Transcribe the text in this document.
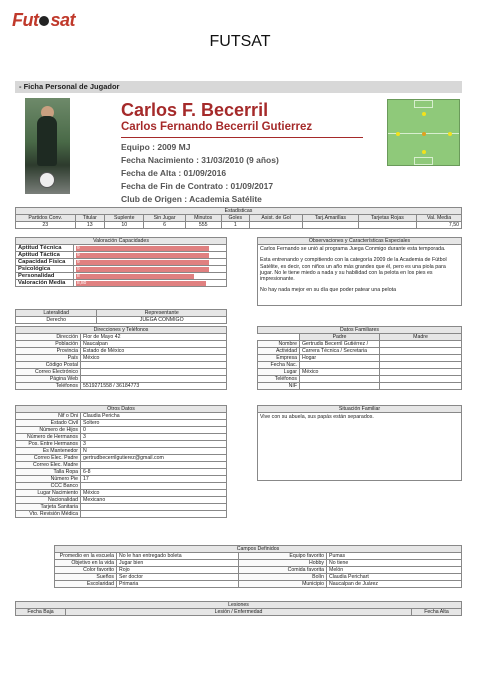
Fut sat
FUTSAT
- Ficha Personal de Jugador
Carlos F. Becerril
Carlos Fernando Becerril Gutierrez
Equipo : 2009 MJ
Fecha Nacimiento : 31/03/2010 (9 años)
Fecha de Alta : 01/09/2016
Fecha de Fin de Contrato : 01/09/2017
Club de Origen : Academia Satélite
Estadisticas									
Partidos Conv.	Titular	Suplente	Sin Jugar	Minutos	Goles	Asist. de Gol	Tarj.Amarillas	Tarjetas Rojas	Val. Media
23	13	10	6	555	1				7,50
Valoración Capacidades	
Aptitud Técnica	9

Aptitud Táctica	9

Capacidad Física	9

Psicológica	9

Personalidad	8

Valoración Media	8,80
Observaciones y Características Especiales
Carlos Fernando se unió al programa Juega Conmigo durante esta temporada.
Esta entrenando y compitiendo con la categoría 2009 de la Academia de Fútbol Satélite, es decir, con niños un año más grandes que él, pero es una piola para jugar. No le tiene miedo a nada y su habilidad con la pelota en los pies es impresionante.
No hay nada mejor en su día que poder patear una pelota
Lateralidad	Representante
Derecho	JUEGA CONMIGO
Direcciones y Teléfonos	
Dirección	Flor de Mayo 42
Población	Naucalpan
Provincia	Estado de México
País	México
Código Postal	
Correo Electrónico	
Página Web	
Teléfonos	5519271558 / 36184773
Datos Familiares		
	Padre	Madre
Nombre	Gertrudis Becerril Gutiérrez /	
Actividad	Carrera Técnica / Secretaria	
Empresa	Hogar	
Fecha Nac.		
Lugar	México	
Teléfonos		
NIF		
Otros Datos	
Nif o Dni	Claudia Pericha
Estado Civil	Soltero
Número de Hijos	0
Número de Hermanos	3
Pos. Entre Hermanos	3
Es Mantenedor	N
Correo Elec. Padre	gertrudbecerrilgutierez@gmail.com
Correo Elec. Madre	
Talla Ropa	6-8
Número Pie	17
CCC Banco	
Lugar Nacimiento	México
Nacionalidad	Mexicano
Tarjeta Sanitaria	
Vto. Revisión Médica	
Situación Familiar
Vive con su abuela, sus papás están separados.
Campos Definidos			
Promedio en la escuela	No le han entregado boleta	Equipo favorito	Pumas
Objetivo en la vida	Jugar bien	Hobby	No tiene
Color favorito	Rojo	Comida favorita	Melón
Sueños	Ser doctor	Bolín	Claudia Perichart
Escolaridad	Primaria	Municipio	Naucalpan de Juárez
Lesiones
Fecha Baja	Lesión / Enfermedad	Fecha Alta
